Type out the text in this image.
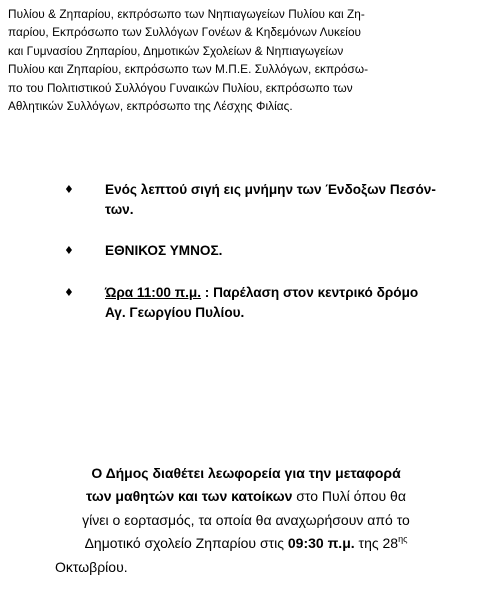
Πυλίου & Ζηπαρίου, εκπρόσωπο των Νηπιαγωγείων Πυλίου και Ζη-
παρίου, Εκπρόσωπο των Συλλόγων Γονέων & Κηδεμόνων Λυκείου
και Γυμνασίου Ζηπαρίου, Δημοτικών Σχολείων & Νηπιαγωγείων
Πυλίου και Ζηπαρίου, εκπρόσωπο των Μ.Π.Ε. Συλλόγων, εκπρόσω-
πο του Πολιτιστικού Συλλόγου Γυναικών Πυλίου, εκπρόσωπο των
Αθλητικών Συλλόγων, εκπρόσωπο της Λέσχης Φιλίας.
♦ Ενός λεπτού σιγή εις μνήμην των Ένδοξων Πεσόν-
των.
♦ ΕΘΝΙΚΟΣ ΥΜΝΟΣ.
♦ Ώρα 11:00 π.μ. : Παρέλαση στον κεντρικό δρόμο
Αγ. Γεωργίου Πυλίου.
Ο Δήμος διαθέτει λεωφορεία για την μεταφορά
των μαθητών και των κατοίκων στο Πυλί όπου θα
γίνει ο εορτασμός, τα οποία θα αναχωρήσουν από το
Δημοτικό σχολείο Ζηπαρίου στις 09:30 π.μ. της $28^{\eta\varsigma}$
Οκτωβρίου.
